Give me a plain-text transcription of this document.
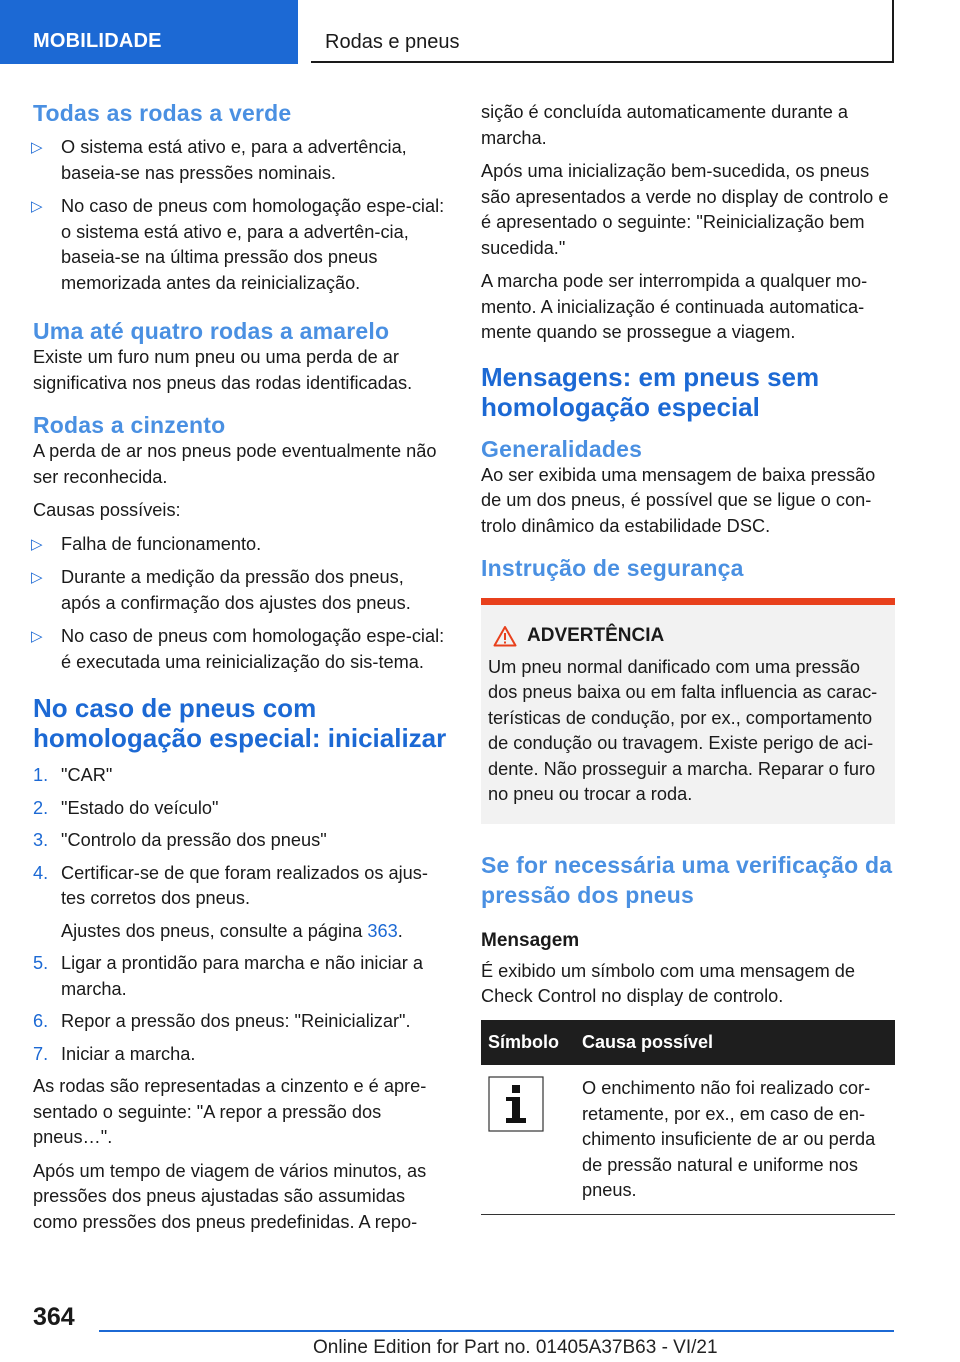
MOBILIDADE	Rodas e pneus
Todas as rodas a verde
▷ O sistema está ativo e, para a advertência, baseia-se nas pressões nominais.
▷ No caso de pneus com homologação espe-cial: o sistema está ativo e, para a advertên-cia, baseia-se na última pressão dos pneus memorizada antes da reinicialização.
Uma até quatro rodas a amarelo

Existe um furo num pneu ou uma perda de ar significativa nos pneus das rodas identificadas.

Rodas a cinzento

A perda de ar nos pneus pode eventualmente não ser reconhecida.

Causas possíveis:

▷ Falha de funcionamento.
▷ Durante a medição da pressão dos pneus, após a confirmação dos ajustes dos pneus.
▷ No caso de pneus com homologação espe-cial: é executada uma reinicialização do sis-tema.
No caso de pneus com homologação especial: inicializar
1. "CAR"
2. "Estado do veículo"
3. "Controlo da pressão dos pneus"
4. Certificar-se de que foram realizados os ajus-tes corretos dos pneus.
Ajustes dos pneus, consulte a página 363.
5. Ligar a prontidão para marcha e não iniciar a marcha.
6. Repor a pressão dos pneus: "Reinicializar".
7. Iniciar a marcha.

As rodas são representadas a cinzento e é apre-sentado o seguinte: "A repor a pressão dos pneus…".

Após um tempo de viagem de vários minutos, as pressões dos pneus ajustadas são assumidas como pressões dos pneus predefinidas. A repo-

sição é concluída automaticamente durante a marcha.

Após uma inicialização bem-sucedida, os pneus são apresentados a verde no display de controlo e é apresentado o seguinte: "Reinicialização bem sucedida."

A marcha pode ser interrompida a qualquer mo-mento. A inicialização é continuada automatica-mente quando se prossegue a viagem.

Mensagens: em pneus sem homologação especial
Generalidades

Ao ser exibida uma mensagem de baixa pressão de um dos pneus, é possível que se ligue o con-trolo dinâmico da estabilidade DSC.

Instrução de segurança
ADVERTÊNCIA

Um pneu normal danificado com uma pressão dos pneus baixa ou em falta influencia as carac-terísticas de condução, por ex., comportamento de condução ou travagem. Existe perigo de aci-dente. Não prosseguir a marcha. Reparar o furo no pneu ou trocar a roda.

Se for necessária uma verificação da pressão dos pneus
Mensagem

É exibido um símbolo com uma mensagem de Check Control no display de controlo.

Símbolo	Causa possível
	O enchimento não foi realizado cor-retamente, por ex., em caso de en-chimento insuficiente de ar ou perda de pressão natural e uniforme nos pneus.
364
Online Edition for Part no. 01405A37B63 - VI/21
